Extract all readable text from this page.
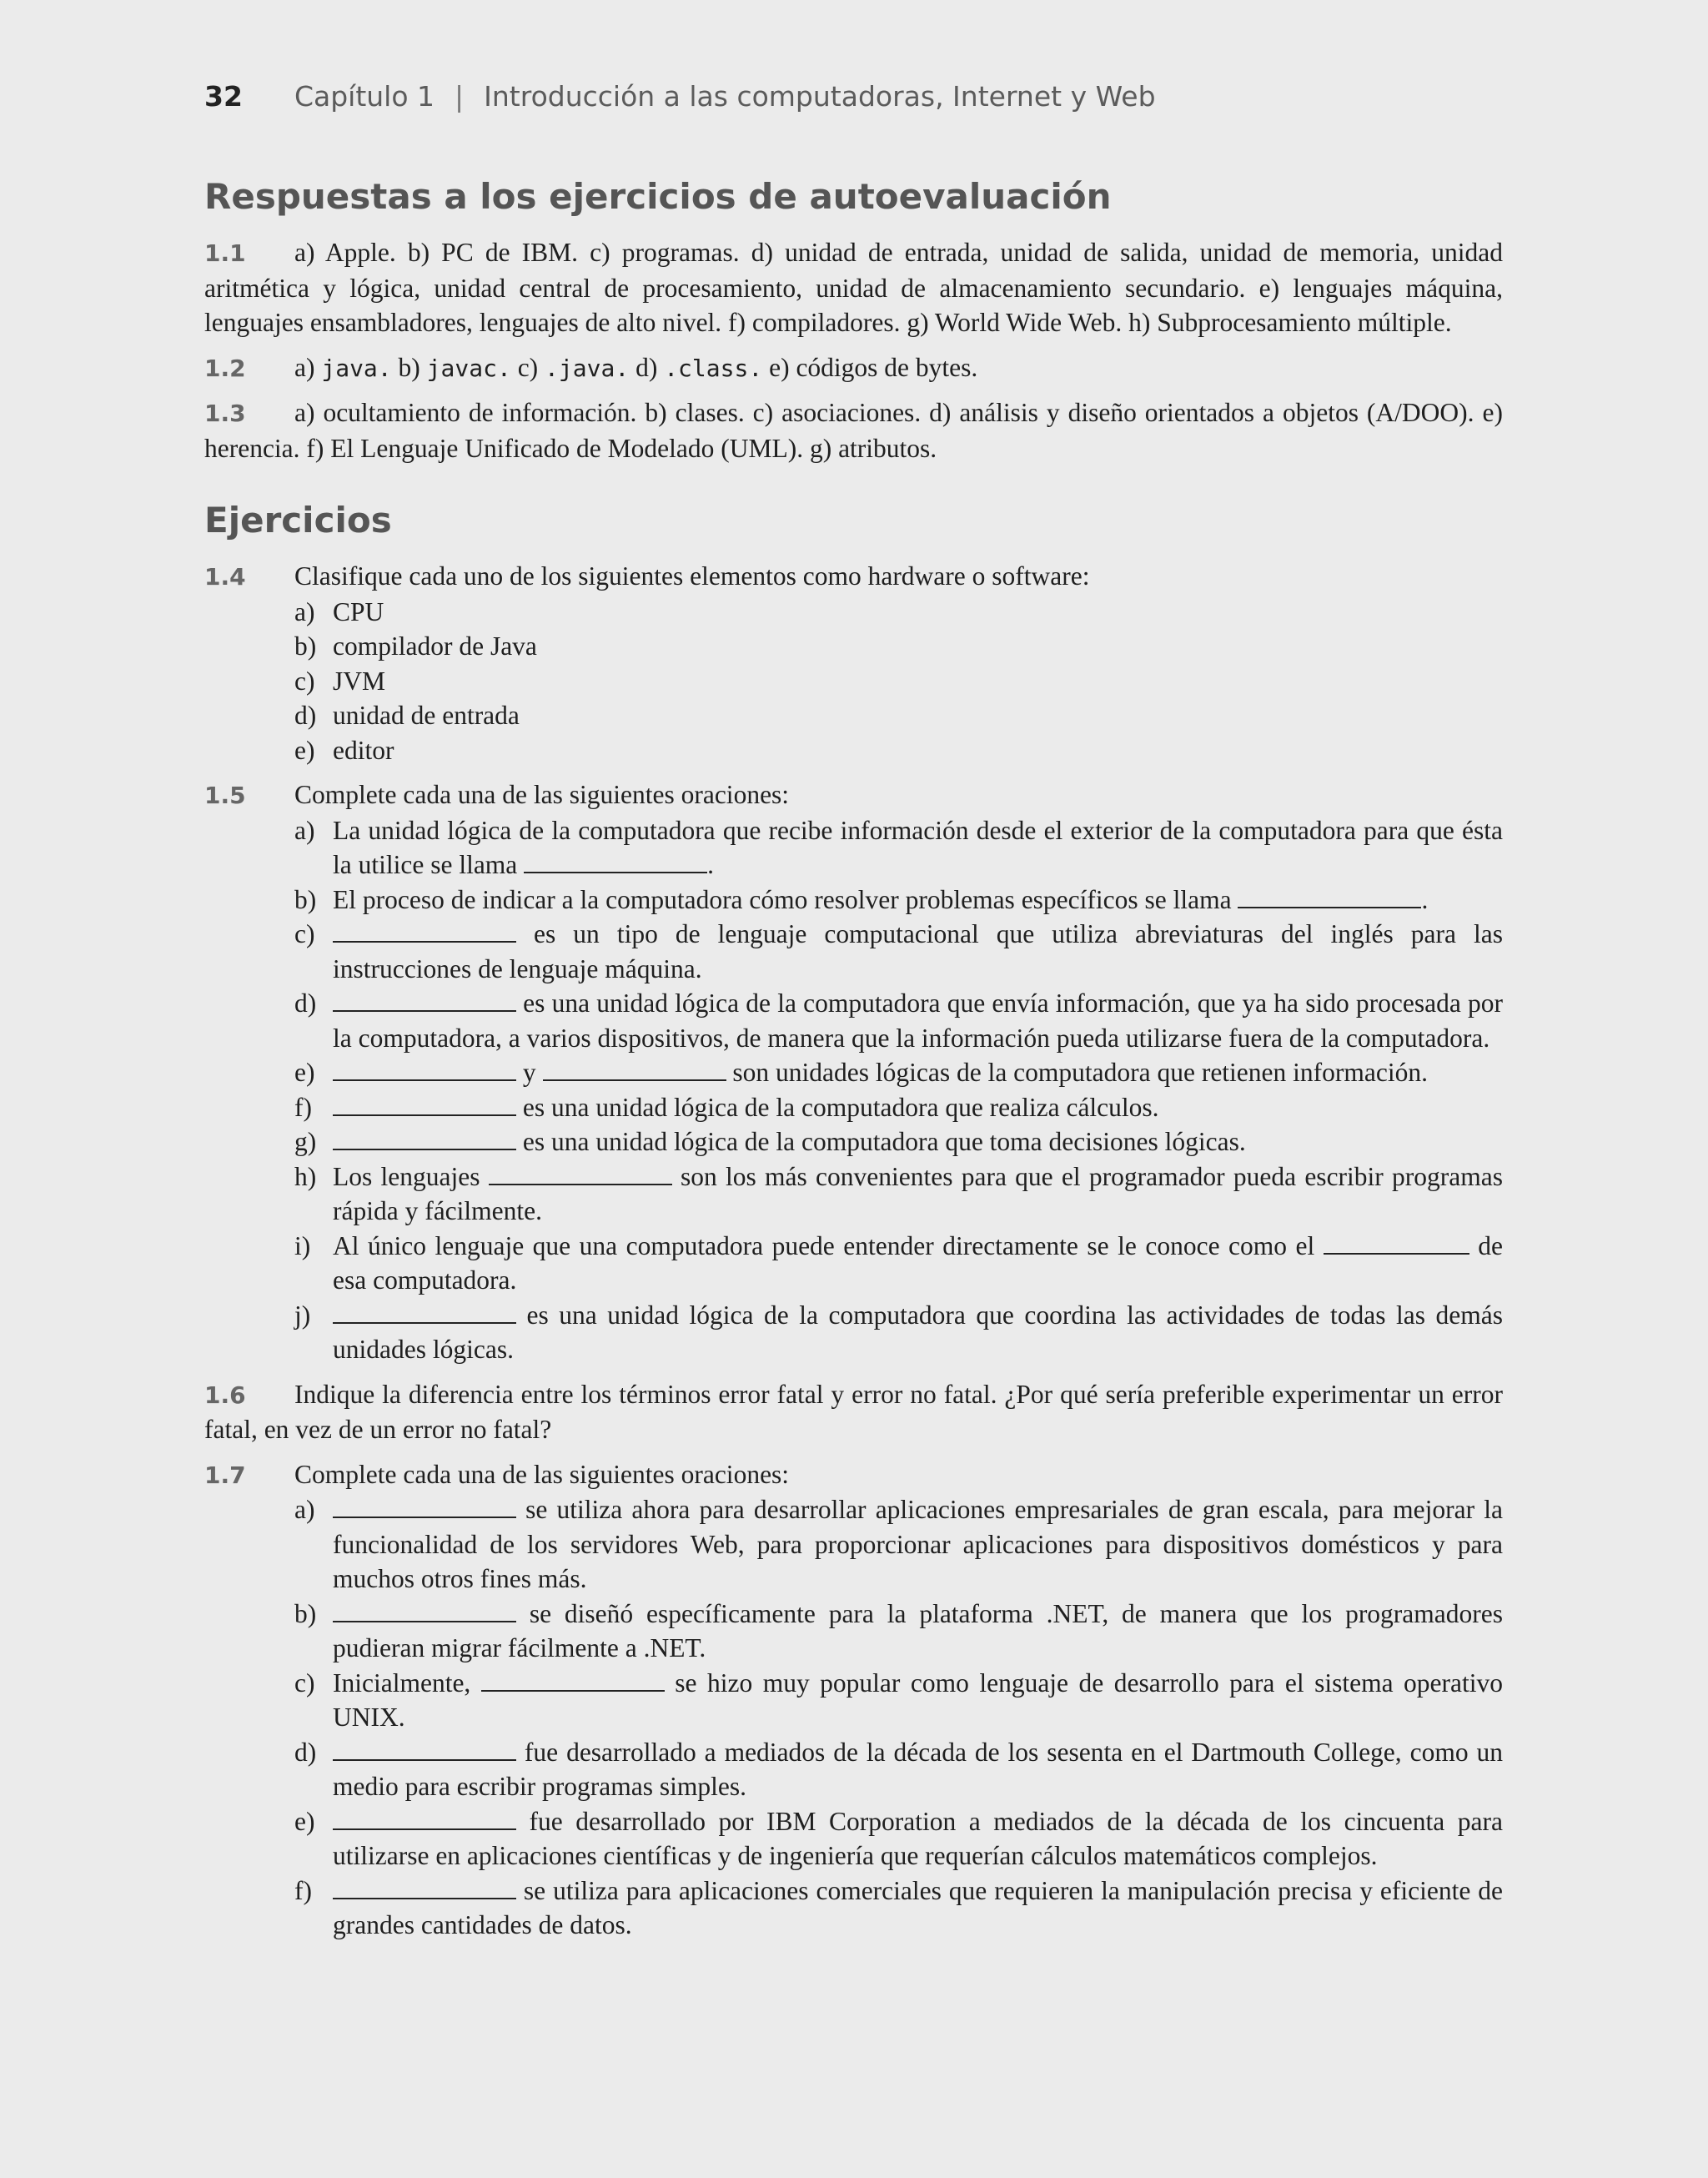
32 Capítulo 1 | Introducción a las computadoras, Internet y Web
Respuestas a los ejercicios de autoevaluación

1.1 a) Apple. b) PC de IBM. c) programas. d) unidad de entrada, unidad de salida, unidad de memoria, unidad aritmética y lógica, unidad central de procesamiento, unidad de almacenamiento secundario. e) lenguajes máquina, lenguajes ensambladores, lenguajes de alto nivel. f) compiladores. g) World Wide Web. h) Subprocesamiento múltiple.

1.2 a) java. b) javac. c) .java. d) .class. e) códigos de bytes.

1.3 a) ocultamiento de información. b) clases. c) asociaciones. d) análisis y diseño orientados a objetos (A/DOO). e) herencia. f) El Lenguaje Unificado de Modelado (UML). g) atributos.

Ejercicios
1.4 Clasifique cada uno de los siguientes elementos como hardware o software:
a) CPU
b) compilador de Java
c) JVM
d) unidad de entrada
e) editor
1.5 Complete cada una de las siguientes oraciones:
a) La unidad lógica de la computadora que recibe información desde el exterior de la computadora para que ésta la utilice se llama	.
b) El proceso de indicar a la computadora cómo resolver problemas específicos se llama	.
c)	es un tipo de lenguaje computacional que utiliza abreviaturas del inglés para las instrucciones de lenguaje máquina.
d)	es una unidad lógica de la computadora que envía información, que ya ha sido procesada por la computadora, a varios dispositivos, de manera que la información pueda utilizarse fuera de la computadora.
e)	y	son unidades lógicas de la computadora que retienen información.
f)	es una unidad lógica de la computadora que realiza cálculos.
g)	es una unidad lógica de la computadora que toma decisiones lógicas.
h) Los lenguajes	son los más convenientes para que el programador pueda escribir programas rápida y fácilmente.
i) Al único lenguaje que una computadora puede entender directamente se le conoce como el	de esa computadora.
j)	es una unidad lógica de la computadora que coordina las actividades de todas las demás unidades lógicas.

1.6 Indique la diferencia entre los términos error fatal y error no fatal. ¿Por qué sería preferible experimentar un error fatal, en vez de un error no fatal?

1.7 Complete cada una de las siguientes oraciones:
a)	se utiliza ahora para desarrollar aplicaciones empresariales de gran escala, para mejorar la funcionalidad de los servidores Web, para proporcionar aplicaciones para dispositivos domésticos y para muchos otros fines más.
b)	se diseñó específicamente para la plataforma .NET, de manera que los programadores pudieran migrar fácilmente a .NET.
c) Inicialmente,	se hizo muy popular como lenguaje de desarrollo para el sistema operativo UNIX.
d)	fue desarrollado a mediados de la década de los sesenta en el Dartmouth College, como un medio para escribir programas simples.
e)	fue desarrollado por IBM Corporation a mediados de la década de los cincuenta para utilizarse en aplicaciones científicas y de ingeniería que requerían cálculos matemáticos complejos.
f)	se utiliza para aplicaciones comerciales que requieren la manipulación precisa y eficiente de grandes cantidades de datos.
